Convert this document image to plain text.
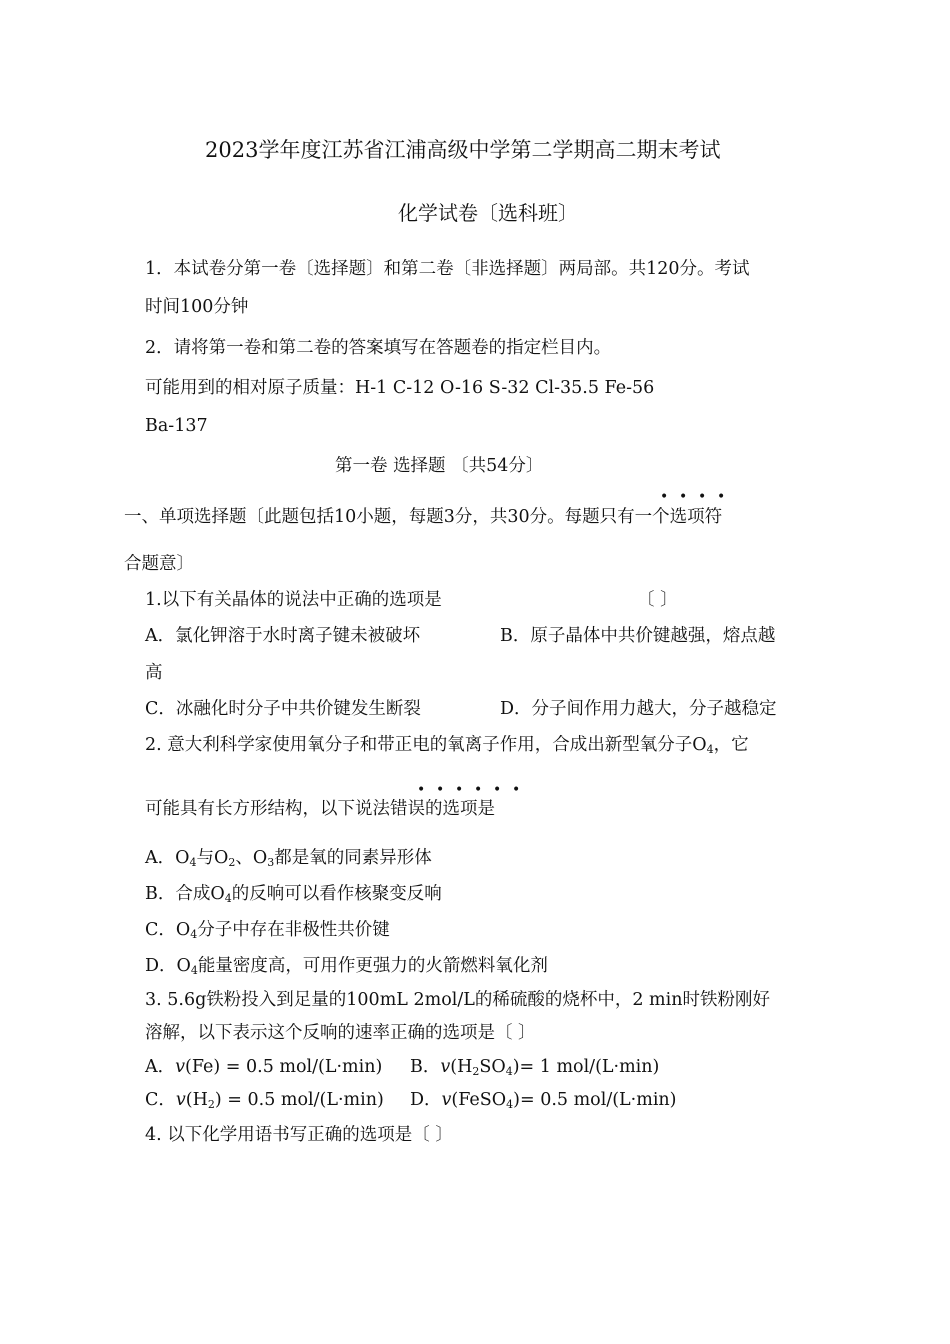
2023学年度江苏省江浦高级中学第二学期高二期末考试
化学试卷〔选科班〕
1．本试卷分第一卷〔选择题〕和第二卷〔非选择题〕两局部。共120分。考试
时间100分钟
2．请将第一卷和第二卷的答案填写在答题卷的指定栏目内。
可能用到的相对原子质量：H-1 C-12 O-16 S-32 Cl-35.5 Fe-56
Ba-137
第一卷 选择题 〔共54分〕
• • • •
一、单项选择题〔此题包括10小题，每题3分，共30分。每题只有一个选项符
合题意〕
1.以下有关晶体的说法中正确的选项是	〔 〕
A．氯化钾溶于水时离子键未被破坏	B．原子晶体中共价键越强，熔点越
高
C．冰融化时分子中共价键发生断裂	D．分子间作用力越大，分子越稳定
2. 意大利科学家使用氧分子和带正电的氧离子作用，合成出新型氧分子$O_4$，它
• • • • • •
可能具有长方形结构，以下说法错误的选项是
A．$O_4$与$O_2$、$O_3$都是氧的同素异形体
B．合成$O_4$的反响可以看作核聚变反响
C．$O_4$分子中存在非极性共价键
D．$O_4$能量密度高，可用作更强力的火箭燃料氧化剂
3. 5.6g铁粉投入到足量的100mL 2mol/L的稀硫酸的烧杯中，2 min时铁粉刚好
溶解，以下表示这个反响的速率正确的选项是〔 〕
A．v(Fe) = 0.5 mol/(L·min) B．$v(H_2SO_4)= 1$ mol/(L·min)
C．$v(H_2) = 0.5$ mol/(L·min) D．v(FeSO$_4$)= 0.5 mol/(L·min)
4. 以下化学用语书写正确的选项是〔 〕
